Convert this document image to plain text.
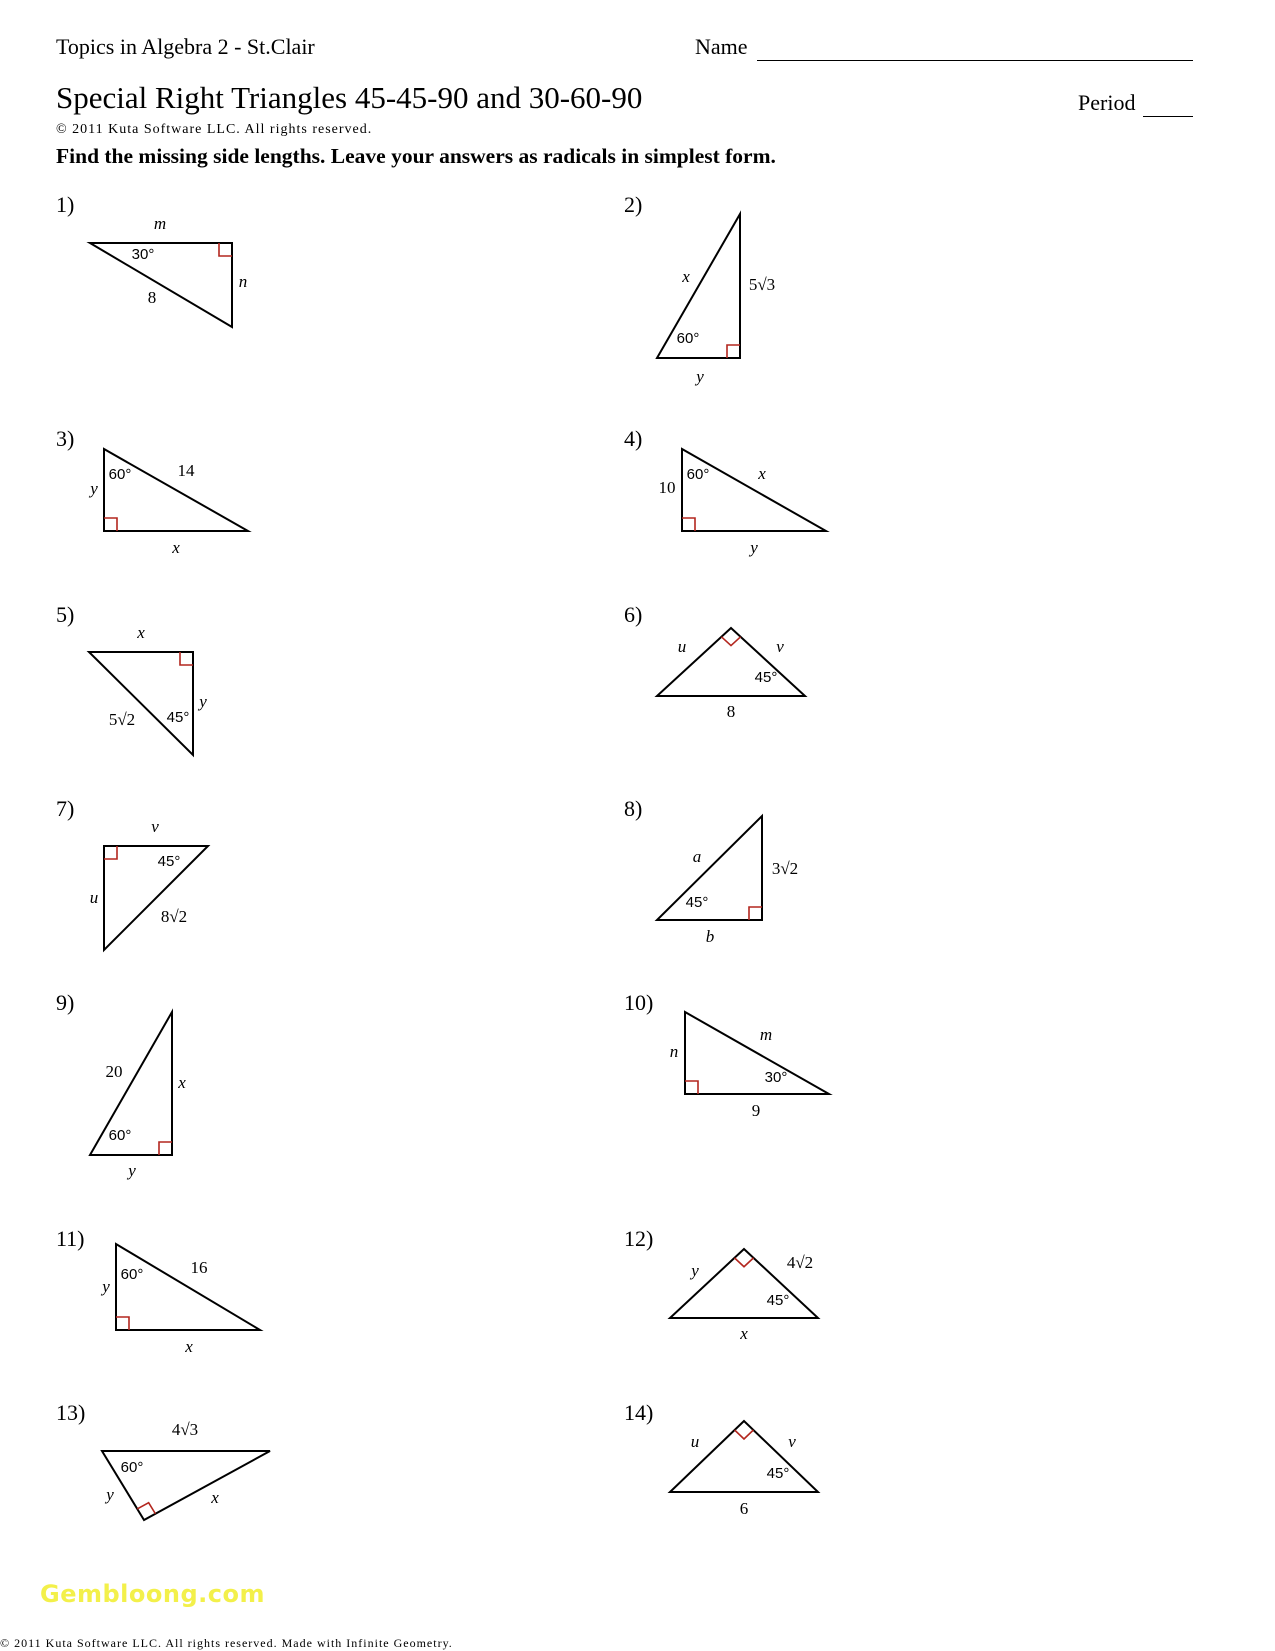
Topics in Algebra 2 - St.Clair	Name
Special Right Triangles 45-45-90 and 30-60-90	Period
© 2011 Kuta Software LLC. All rights reserved.
Find the missing side lengths. Leave your answers as radicals in simplest form.
1)
m
30°
8
n
2)
x	5√3
60°
y
3)
60°	14
y
x
4)
60°	x
10
y
5)
x
y
5√2 45°
6)
u	v
45°
8
7)
v
45°
u
8√2
8)
a
3√2
45°
b
9)
20
x
60°
y
10)
m
n
30°
9
11)
60°	16
y
x
12)
y	4√2
45°
x
13)
4√3
60°
y	x
14)
u	v
45°
6
Gembloong.com
© 2011 Kuta Software LLC. All rights reserved. Made with Infinite Geometry.
